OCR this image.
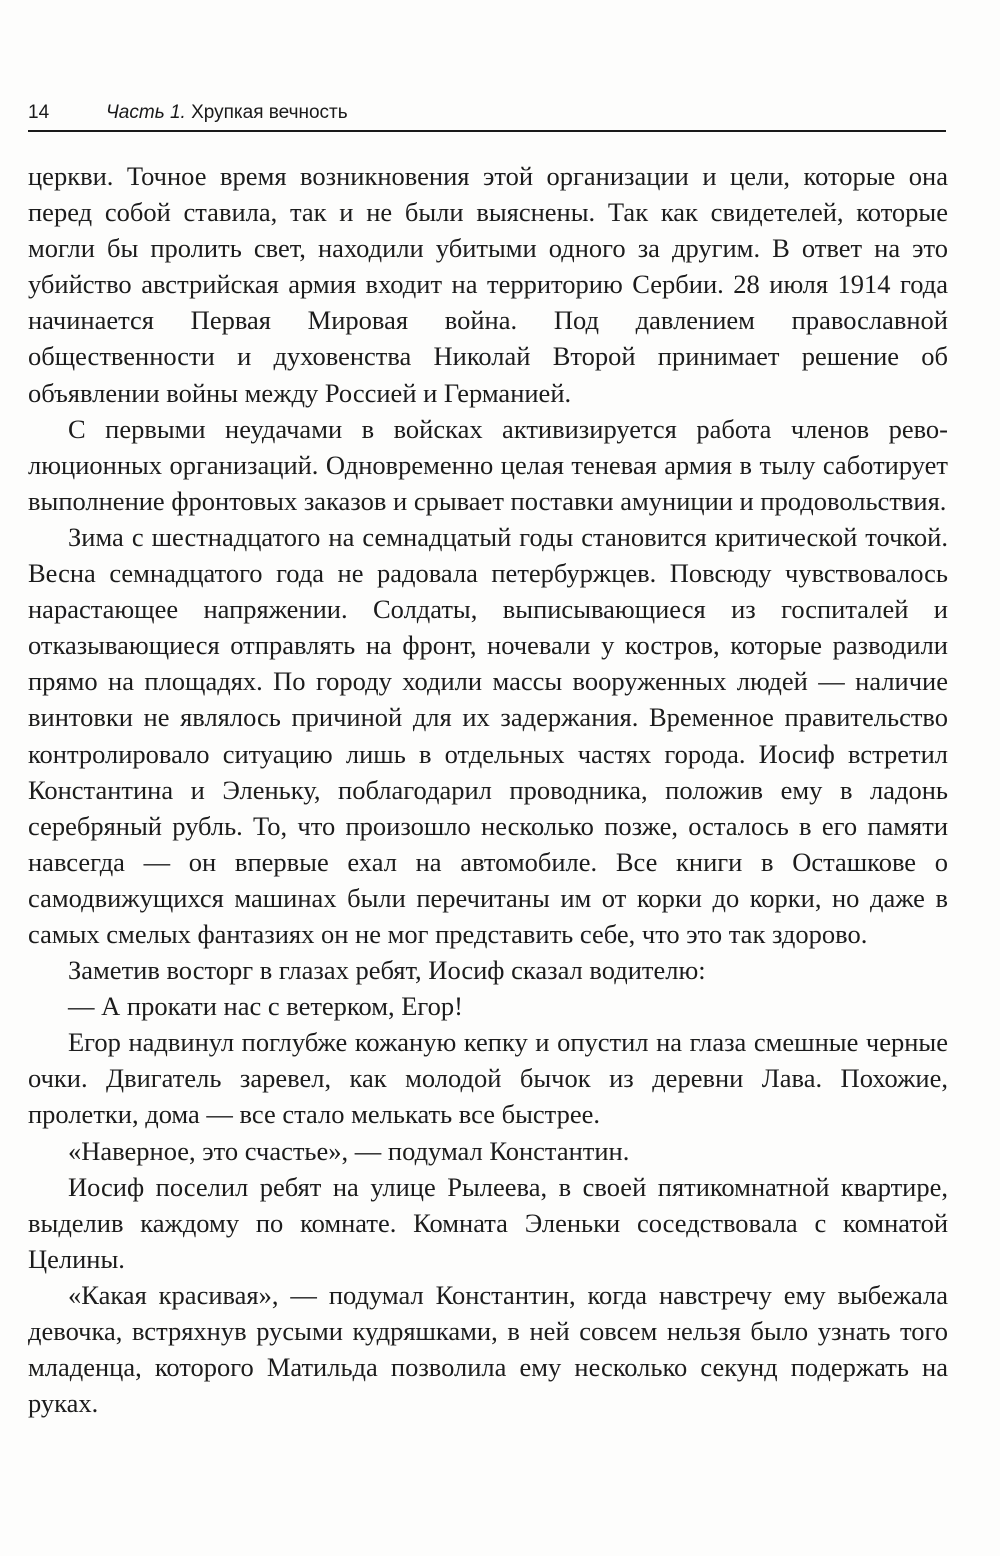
14	Часть 1. Хрупкая вечность

церкви. Точное время возникновения этой организации и цели, которые она перед собой ставила, так и не были выяснены. Так как свидетелей, которые могли бы пролить свет, находили убитыми одного за другим. В ответ на это убийство австрийская армия входит на территорию Сербии. 28 июля 1914 года начинается Первая Мировая война. Под давлением православной общественности и духовенства Николай Второй принимает решение об объявлении войны между Россией и Германией.

С первыми неудачами в войсках активизируется работа членов революционных организаций. Одновременно целая теневая армия в тылу саботирует выполнение фронтовых заказов и срывает поставки амуниции и продовольствия.

Зима с шестнадцатого на семнадцатый годы становится критической точкой. Весна семнадцатого года не радовала петербуржцев. Повсюду чувствовалось нарастающее напряжении. Солдаты, выписывающиеся из госпиталей и отказывающиеся отправлять на фронт, ночевали у костров, которые разводили прямо на площадях. По городу ходили массы вооруженных людей — наличие винтовки не являлось причиной для их задержания. Временное правительство контролировало ситуацию лишь в отдельных частях города. Иосиф встретил Константина и Эленьку, поблагодарил проводника, положив ему в ладонь серебряный рубль. То, что произошло несколько позже, осталось в его памяти навсегда — он впервые ехал на автомобиле. Все книги в Осташкове о самодвижущихся машинах были перечитаны им от корки до корки, но даже в самых смелых фантазиях он не мог представить себе, что это так здорово.

Заметив восторг в глазах ребят, Иосиф сказал водителю:

— А прокати нас с ветерком, Егор!

Егор надвинул поглубже кожаную кепку и опустил на глаза смешные черные очки. Двигатель заревел, как молодой бычок из деревни Лава. Похожие, пролетки, дома — все стало мелькать все быстрее.

«Наверное, это счастье», — подумал Константин.

Иосиф поселил ребят на улице Рылеева, в своей пятикомнатной квартире, выделив каждому по комнате. Комната Эленьки соседствовала с комнатой Целины.

«Какая красивая», — подумал Константин, когда навстречу ему выбежала девочка, встряхнув русыми кудряшками, в ней совсем нельзя было узнать того младенца, которого Матильда позволила ему несколько секунд подержать на руках.
